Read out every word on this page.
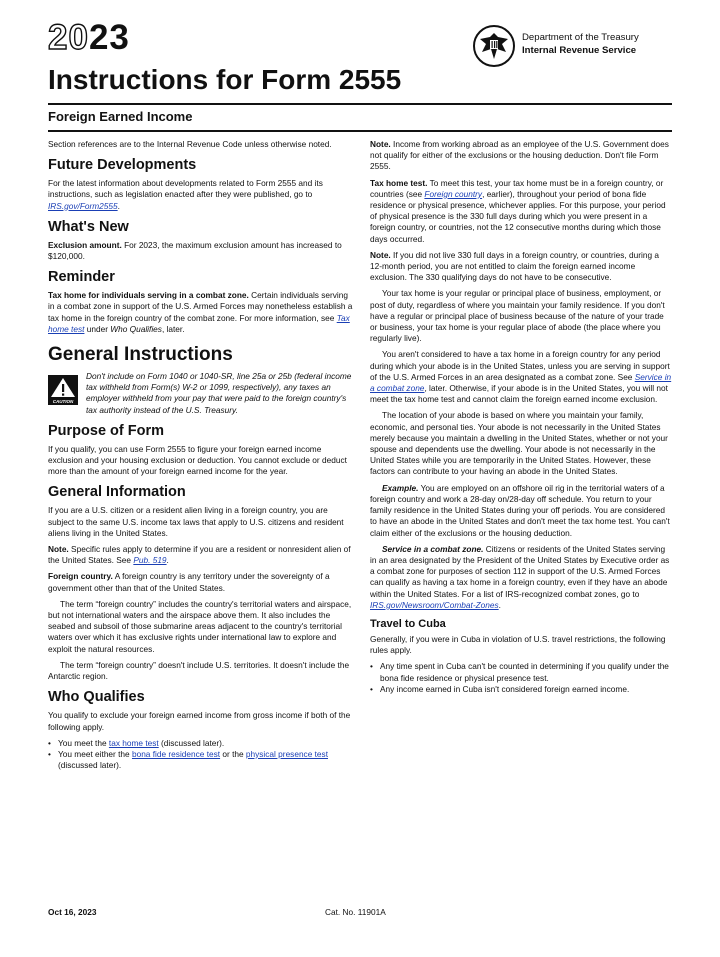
2023
Instructions for Form 2555
Foreign Earned Income
Department of the Treasury
Internal Revenue Service

Section references are to the Internal Revenue Code unless otherwise noted.

Future Developments

For the latest information about developments related to Form 2555 and its instructions, such as legislation enacted after they were published, go to IRS.gov/Form2555.

What's New

Exclusion amount. For 2023, the maximum exclusion amount has increased to $120,000.

Reminder

Tax home for individuals serving in a combat zone. Certain individuals serving in a combat zone in support of the U.S. Armed Forces may nonetheless establish a tax home in the foreign country of the combat zone. For more information, see Tax home test under Who Qualifies, later.

General Instructions
CAUTION
Don't include on Form 1040 or 1040-SR, line 25a or 25b (federal income tax withheld from Form(s) W-2 or 1099, respectively), any taxes an employer withheld from your pay that were paid to the foreign country's tax authority instead of the U.S. Treasury.
Purpose of Form

If you qualify, you can use Form 2555 to figure your foreign earned income exclusion and your housing exclusion or deduction. You cannot exclude or deduct more than the amount of your foreign earned income for the year.

General Information

If you are a U.S. citizen or a resident alien living in a foreign country, you are subject to the same U.S. income tax laws that apply to U.S. citizens and resident aliens living in the United States.

Note. Specific rules apply to determine if you are a resident or nonresident alien of the United States. See Pub. 519.

Foreign country. A foreign country is any territory under the sovereignty of a government other than that of the United States.

The term “foreign country” includes the country's territorial waters and airspace, but not international waters and the airspace above them. It also includes the seabed and subsoil of those submarine areas adjacent to the country's territorial waters over which it has exclusive rights under international law to explore and exploit the natural resources.

The term “foreign country” doesn't include U.S. territories. It doesn't include the Antarctic region.

Who Qualifies

You qualify to exclude your foreign earned income from gross income if both of the following apply.

• You meet the tax home test (discussed later).
• You meet either the bona fide residence test or the physical presence test (discussed later).

Note. Income from working abroad as an employee of the U.S. Government does not qualify for either of the exclusions or the housing deduction. Don't file Form 2555.

Tax home test. To meet this test, your tax home must be in a foreign country, or countries (see Foreign country, earlier), throughout your period of bona fide residence or physical presence, whichever applies. For this purpose, your period of physical presence is the 330 full days during which you were present in a foreign country, or countries, not the 12 consecutive months during which those days occurred.

Note. If you did not live 330 full days in a foreign country, or countries, during a 12-month period, you are not entitled to claim the foreign earned income exclusion. The 330 qualifying days do not have to be consecutive.

Your tax home is your regular or principal place of business, employment, or post of duty, regardless of where you maintain your family residence. If you don't have a regular or principal place of business because of the nature of your trade or business, your tax home is your regular place of abode (the place where you regularly live).

You aren't considered to have a tax home in a foreign country for any period during which your abode is in the United States, unless you are serving in support of the U.S. Armed Forces in an area designated as a combat zone. See Service in a combat zone, later. Otherwise, if your abode is in the United States, you will not meet the tax home test and cannot claim the foreign earned income exclusion.

The location of your abode is based on where you maintain your family, economic, and personal ties. Your abode is not necessarily in the United States merely because you maintain a dwelling in the United States, whether or not your spouse and dependents use the dwelling. Your abode is not necessarily in the United States while you are temporarily in the United States. However, these factors can contribute to your having an abode in the United States.

Example. You are employed on an offshore oil rig in the territorial waters of a foreign country and work a 28-day on/28-day off schedule. You return to your family residence in the United States during your off periods. You are considered to have an abode in the United States and don't meet the tax home test. You can't claim either of the exclusions or the housing deduction.

Service in a combat zone. Citizens or residents of the United States serving in an area designated by the President of the United States by Executive order as a combat zone for purposes of section 112 in support of the U.S. Armed Forces can qualify as having a tax home in a foreign country, even if they have an abode within the United States. For a list of IRS-recognized combat zones, go to IRS.gov/Newsroom/Combat-Zones.

Travel to Cuba

Generally, if you were in Cuba in violation of U.S. travel restrictions, the following rules apply.

• Any time spent in Cuba can't be counted in determining if you qualify under the bona fide residence or physical presence test.
• Any income earned in Cuba isn't considered foreign earned income.
Oct 16, 2023	Cat. No. 11901A
